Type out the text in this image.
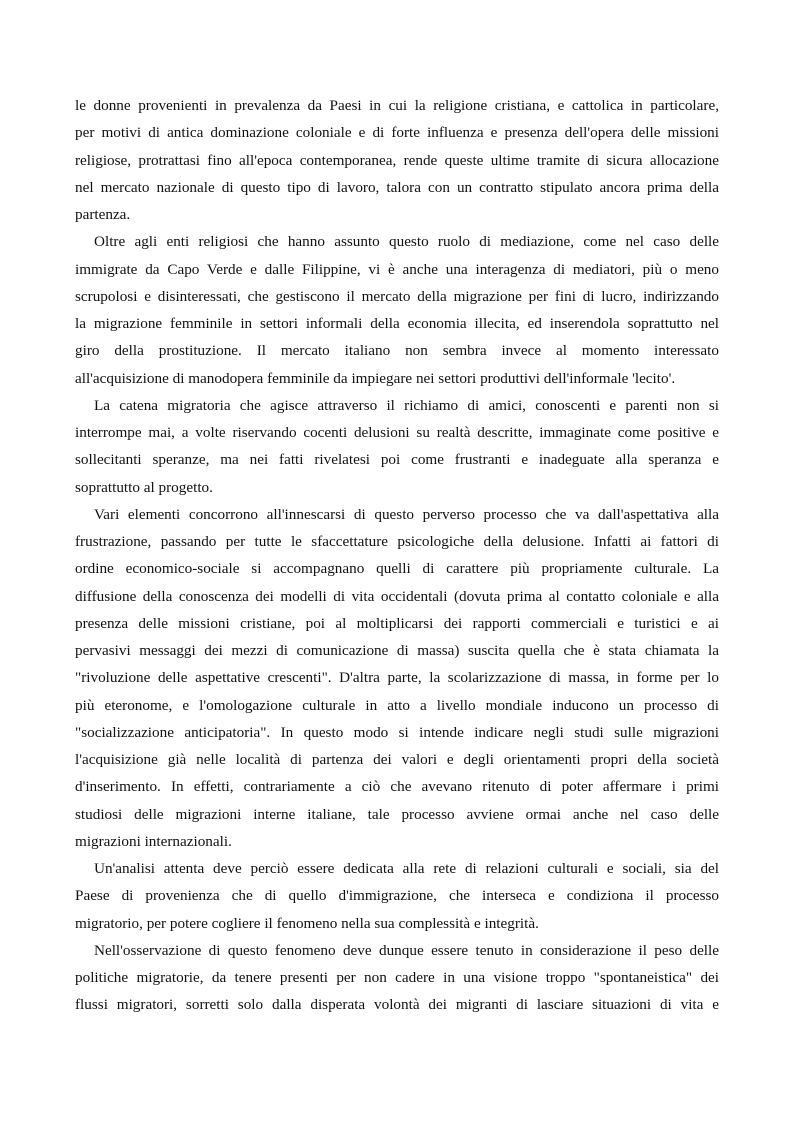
le donne provenienti in prevalenza da Paesi in cui la religione cristiana, e cattolica in particolare,
per motivi di antica dominazione coloniale e di forte influenza e presenza dell'opera delle missioni
religiose, protrattasi fino all'epoca contemporanea, rende queste ultime tramite di sicura allocazione
nel mercato nazionale di questo tipo di lavoro, talora con un contratto stipulato ancora prima della
partenza.
Oltre agli enti religiosi che hanno assunto questo ruolo di mediazione, come nel caso delle
immigrate da Capo Verde e dalle Filippine, vi è anche una interagenza di mediatori, più o meno
scrupolosi e disinteressati, che gestiscono il mercato della migrazione per fini di lucro, indirizzando
la migrazione femminile in settori informali della economia illecita, ed inserendola soprattutto nel
giro della prostituzione. Il mercato italiano non sembra invece al momento interessato
all'acquisizione di manodopera femminile da impiegare nei settori produttivi dell'informale 'lecito'.
La catena migratoria che agisce attraverso il richiamo di amici, conoscenti e parenti non si
interrompe mai, a volte riservando cocenti delusioni su realtà descritte, immaginate come positive e
sollecitanti speranze, ma nei fatti rivelatesi poi come frustranti e inadeguate alla speranza e
soprattutto al progetto.
Vari elementi concorrono all'innescarsi di questo perverso processo che va dall'aspettativa alla
frustrazione, passando per tutte le sfaccettature psicologiche della delusione. Infatti ai fattori di
ordine economico-sociale si accompagnano quelli di carattere più propriamente culturale. La
diffusione della conoscenza dei modelli di vita occidentali (dovuta prima al contatto coloniale e alla
presenza delle missioni cristiane, poi al moltiplicarsi dei rapporti commerciali e turistici e ai
pervasivi messaggi dei mezzi di comunicazione di massa) suscita quella che è stata chiamata la
"rivoluzione delle aspettative crescenti". D'altra parte, la scolarizzazione di massa, in forme per lo
più eteronome, e l'omologazione culturale in atto a livello mondiale inducono un processo di
"socializzazione anticipatoria". In questo modo si intende indicare negli studi sulle migrazioni
l'acquisizione già nelle località di partenza dei valori e degli orientamenti propri della società
d'inserimento. In effetti, contrariamente a ciò che avevano ritenuto di poter affermare i primi
studiosi delle migrazioni interne italiane, tale processo avviene ormai anche nel caso delle
migrazioni internazionali.
Un'analisi attenta deve perciò essere dedicata alla rete di relazioni culturali e sociali, sia del
Paese di provenienza che di quello d'immigrazione, che interseca e condiziona il processo
migratorio, per potere cogliere il fenomeno nella sua complessità e integrità.
Nell'osservazione di questo fenomeno deve dunque essere tenuto in considerazione il peso delle
politiche migratorie, da tenere presenti per non cadere in una visione troppo "spontaneistica" dei
flussi migratori, sorretti solo dalla disperata volontà dei migranti di lasciare situazioni di vita e
